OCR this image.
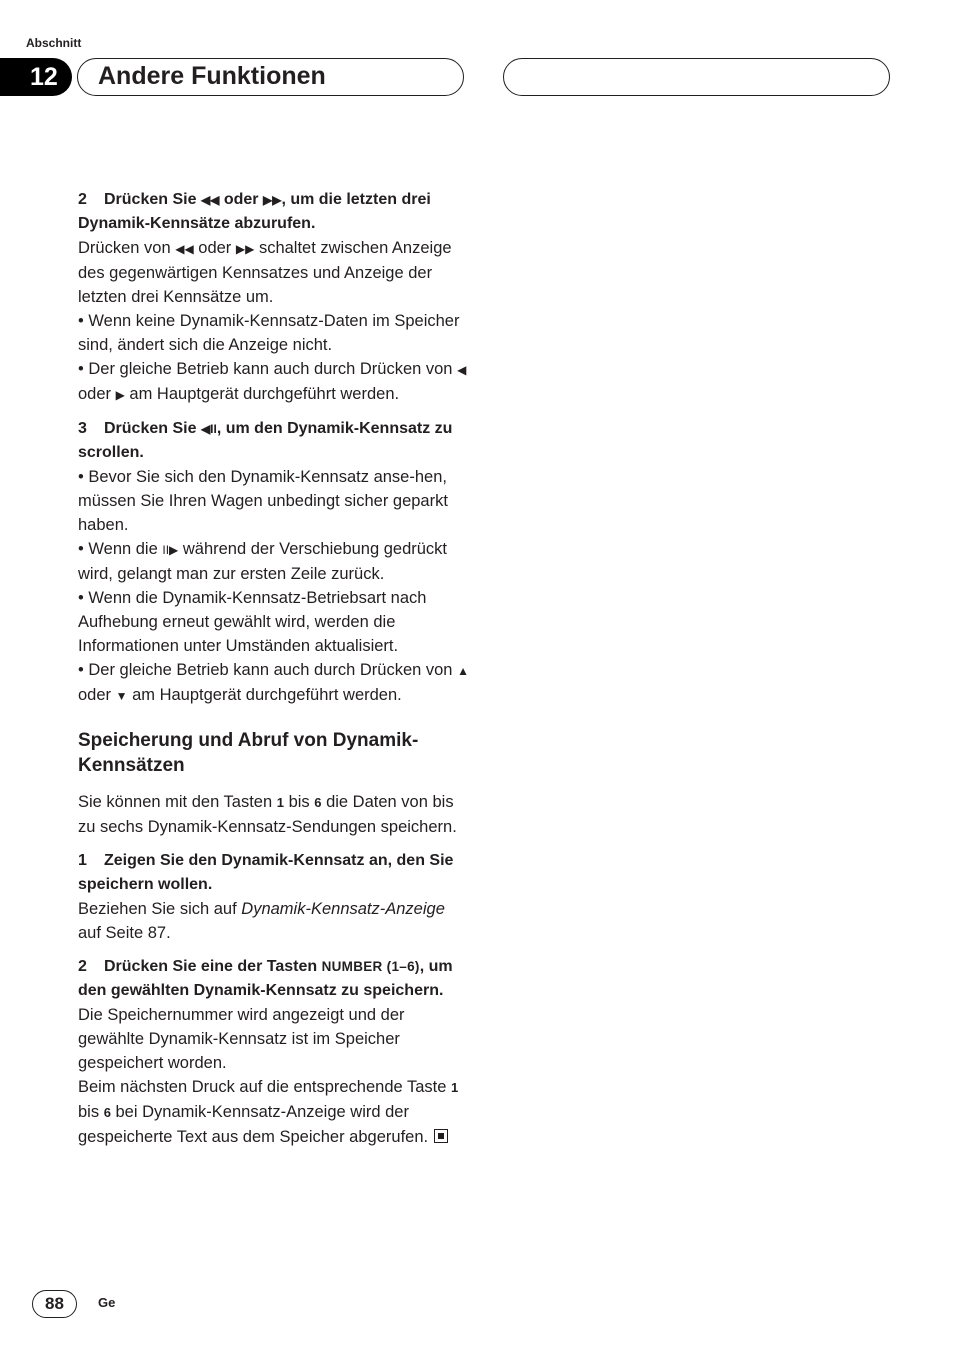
Abschnitt
12	Andere Funktionen

2 Drücken Sie ◀◀ oder ▶▶, um die letzten drei Dynamik-Kennsätze abzurufen.

Drücken von ◀◀ oder ▶▶ schaltet zwischen Anzeige des gegenwärtigen Kennsatzes und Anzeige der letzten drei Kennsätze um.

• Wenn keine Dynamik-Kennsatz-Daten im Speicher sind, ändert sich die Anzeige nicht.

• Der gleiche Betrieb kann auch durch Drücken von ◀ oder ▶ am Hauptgerät durchgeführt werden.

3 Drücken Sie ◀II, um den Dynamik-Kennsatz zu scrollen.

• Bevor Sie sich den Dynamik-Kennsatz anse-hen, müssen Sie Ihren Wagen unbedingt sicher geparkt haben.

• Wenn die II▶ während der Verschiebung gedrückt wird, gelangt man zur ersten Zeile zurück.

• Wenn die Dynamik-Kennsatz-Betriebsart nach Aufhebung erneut gewählt wird, werden die Informationen unter Umständen aktualisiert.

• Der gleiche Betrieb kann auch durch Drücken von ▲ oder ▼ am Hauptgerät durchgeführt werden.

Speicherung und Abruf von Dynamik-Kennsätzen

Sie können mit den Tasten 1 bis 6 die Daten von bis zu sechs Dynamik-Kennsatz-Sendungen speichern.

1 Zeigen Sie den Dynamik-Kennsatz an, den Sie speichern wollen.

Beziehen Sie sich auf Dynamik-Kennsatz-Anzeige auf Seite 87.

2 Drücken Sie eine der Tasten NUMBER (1–6), um den gewählten Dynamik-Kennsatz zu speichern.

Die Speichernummer wird angezeigt und der gewählte Dynamik-Kennsatz ist im Speicher gespeichert worden.

Beim nächsten Druck auf die entsprechende Taste 1 bis 6 bei Dynamik-Kennsatz-Anzeige wird der gespeicherte Text aus dem Speicher abgerufen.

88	Ge
